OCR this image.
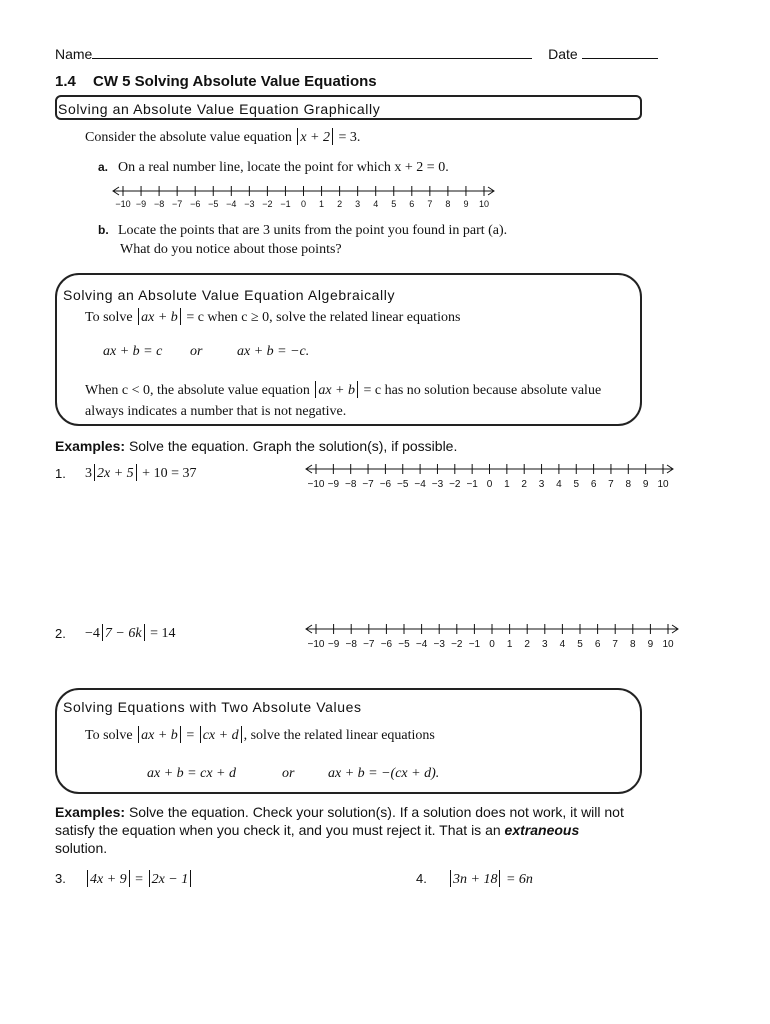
Name	Date
1.4 CW 5 Solving Absolute Value Equations
Solving an Absolute Value Equation Graphically
Consider the absolute value equation x + 2 = 3.
a. On a real number line, locate the point for which x + 2 = 0.
−10 −9 −8 −7 −6 −5 −4 −3 −2 −1 0 1 2 3 4 5 6 7 8 9 10
b. Locate the points that are 3 units from the point you found in part (a).
What do you notice about those points?
Solving an Absolute Value Equation Algebraically
To solve ax + b = c when c ≥ 0, solve the related linear equations
ax + b = c or ax + b = −c.
When c < 0, the absolute value equation ax + b = c has no solution because absolute value
always indicates a number that is not negative.
Examples: Solve the equation. Graph the solution(s), if possible.
1. 3 2x + 5 + 10 = 37
−10 −9 −8 −7 −6 −5 −4 −3 −2 −1 0 1 2 3 4 5 6 7 8 9 10
2. −4 7 − 6k = 14
−10 −9 −8 −7 −6 −5 −4 −3 −2 −1 0 1 2 3 4 5 6 7 8 9 10
Solving Equations with Two Absolute Values
To solve ax + b = cx + d , solve the related linear equations
ax + b = cx + d	or ax + b = −(cx + d).
Examples: Solve the equation. Check your solution(s). If a solution does not work, it will not
satisfy the equation when you check it, and you must reject it. That is an extraneous
solution.
3.	4x + 9 = 2x − 1	4.	3n + 18 = 6n
